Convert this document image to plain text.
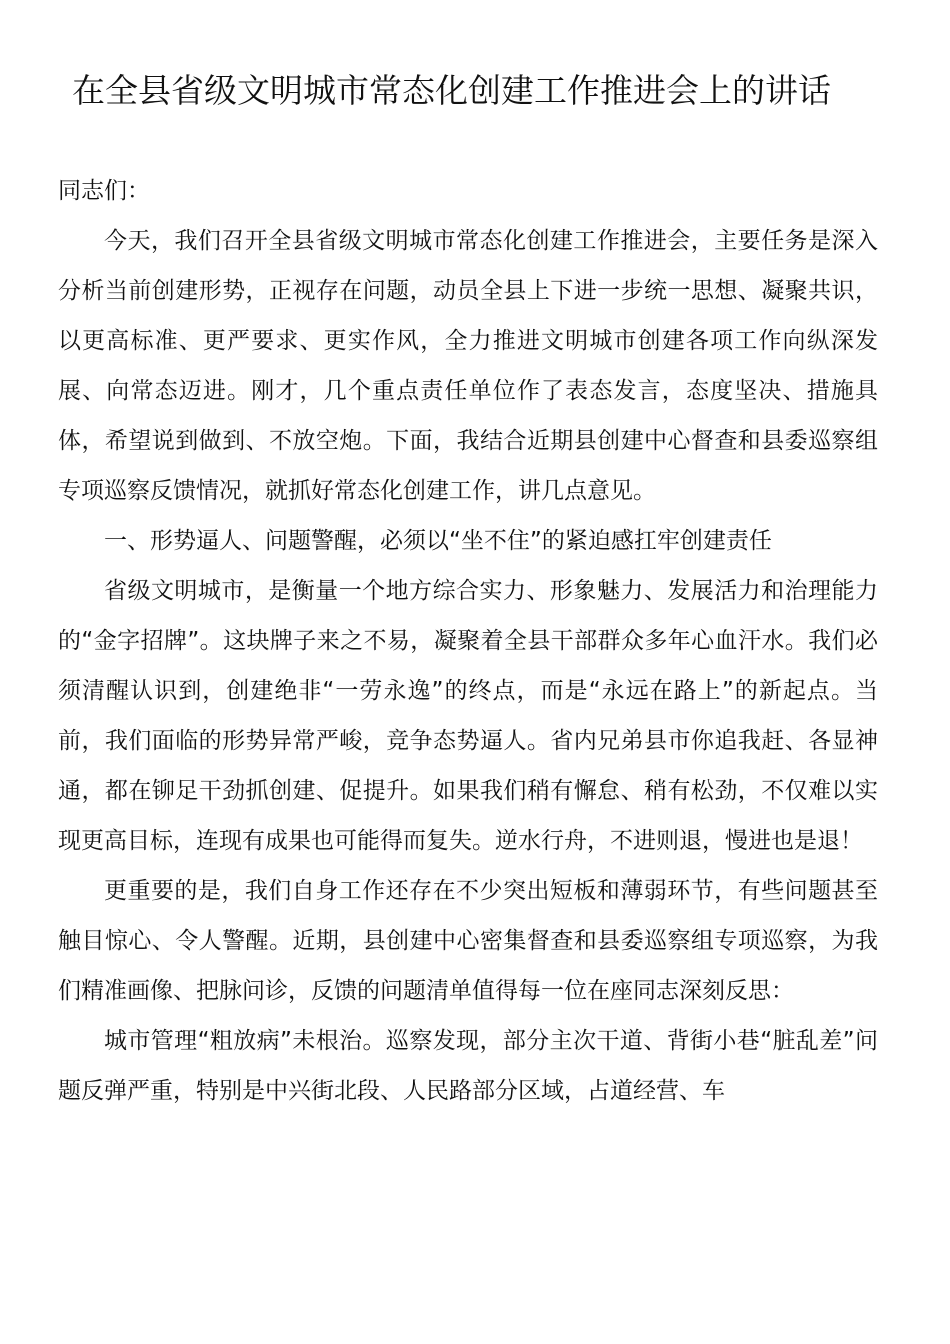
在全县省级文明城市常态化创建工作推进会上的讲话

同志们：

今天，我们召开全县省级文明城市常态化创建工作推进会，主要任务是深入分析当前创建形势，正视存在问题，动员全县上下进一步统一思想、凝聚共识，以更高标准、更严要求、更实作风，全力推进文明城市创建各项工作向纵深发展、向常态迈进。刚才，几个重点责任单位作了表态发言，态度坚决、措施具体，希望说到做到、不放空炮。下面，我结合近期县创建中心督查和县委巡察组专项巡察反馈情况，就抓好常态化创建工作，讲几点意见。

一、形势逼人、问题警醒，必须以“坐不住”的紧迫感扛牢创建责任

省级文明城市，是衡量一个地方综合实力、形象魅力、发展活力和治理能力的“金字招牌”。这块牌子来之不易，凝聚着全县干部群众多年心血汗水。我们必须清醒认识到，创建绝非“一劳永逸”的终点，而是“永远在路上”的新起点。当前，我们面临的形势异常严峻，竞争态势逼人。省内兄弟县市你追我赶、各显神通，都在铆足干劲抓创建、促提升。如果我们稍有懈怠、稍有松劲，不仅难以实现更高目标，连现有成果也可能得而复失。逆水行舟，不进则退，慢进也是退！

更重要的是，我们自身工作还存在不少突出短板和薄弱环节，有些问题甚至触目惊心、令人警醒。近期，县创建中心密集督查和县委巡察组专项巡察，为我们精准画像、把脉问诊，反馈的问题清单值得每一位在座同志深刻反思：

城市管理“粗放病”未根治。巡察发现，部分主次干道、背街小巷“脏乱差”问题反弹严重，特别是中兴街北段、人民路部分区域，占道经营、车
